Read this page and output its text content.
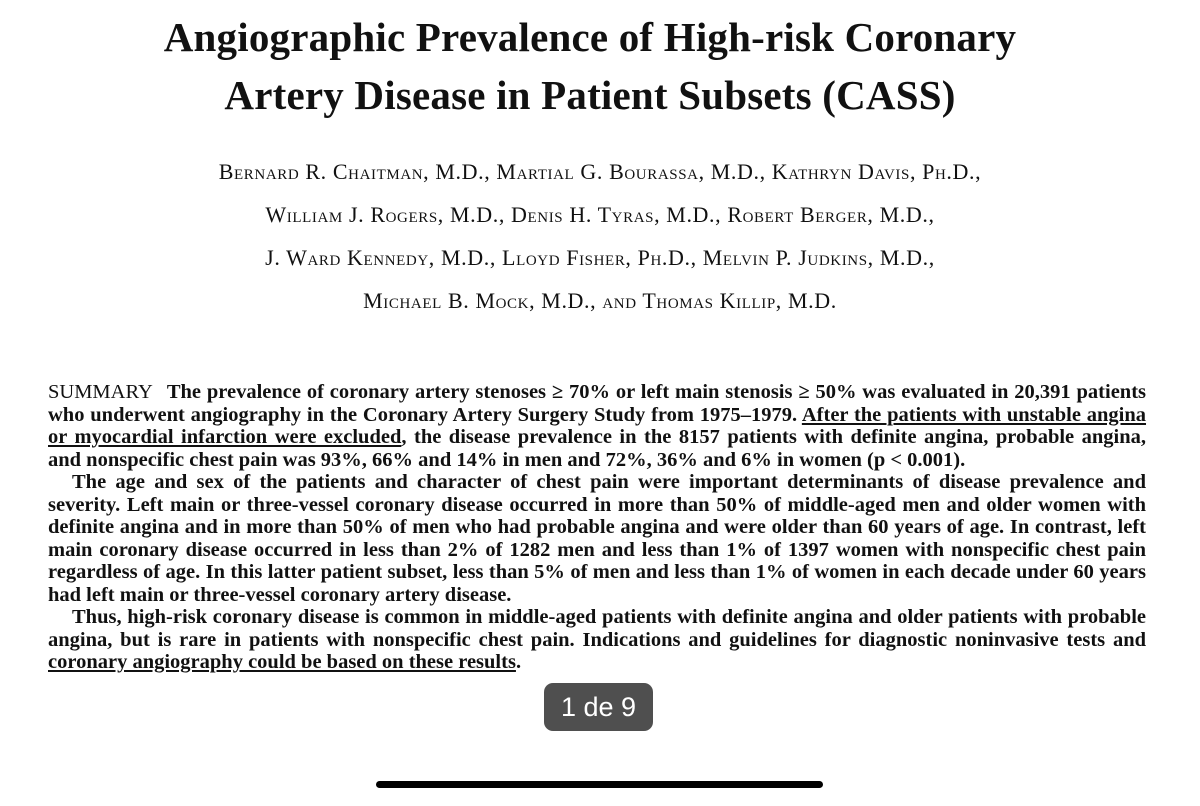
Angiographic Prevalence of High-risk Coronary
Artery Disease in Patient Subsets (CASS)
Bernard R. Chaitman, M.D., Martial G. Bourassa, M.D., Kathryn Davis, Ph.D.,
William J. Rogers, M.D., Denis H. Tyras, M.D., Robert Berger, M.D.,
J. Ward Kennedy, M.D., Lloyd Fisher, Ph.D., Melvin P. Judkins, M.D.,
Michael B. Mock, M.D., and Thomas Killip, M.D.

SUMMARY The prevalence of coronary artery stenoses ≥ 70% or left main stenosis ≥ 50% was evaluated in 20,391 patients who underwent angiography in the Coronary Artery Surgery Study from 1975–1979. After the patients with unstable angina or myocardial infarction were excluded, the disease prevalence in the 8157 patients with definite angina, probable angina, and nonspecific chest pain was 93%, 66% and 14% in men and 72%, 36% and 6% in women (p < 0.001).

The age and sex of the patients and character of chest pain were important determinants of disease prevalence and severity. Left main or three-vessel coronary disease occurred in more than 50% of middle-aged men and older women with definite angina and in more than 50% of men who had probable angina and were older than 60 years of age. In contrast, left main coronary disease occurred in less than 2% of 1282 men and less than 1% of 1397 women with nonspecific chest pain regardless of age. In this latter patient subset, less than 5% of men and less than 1% of women in each decade under 60 years had left main or three-vessel coronary artery disease.

Thus, high-risk coronary disease is common in middle-aged patients with definite angina and older patients with probable angina, but is rare in patients with nonspecific chest pain. Indications and guidelines for diagnostic noninvasive tests and coronary angiography could be based on these results.

1 de 9
